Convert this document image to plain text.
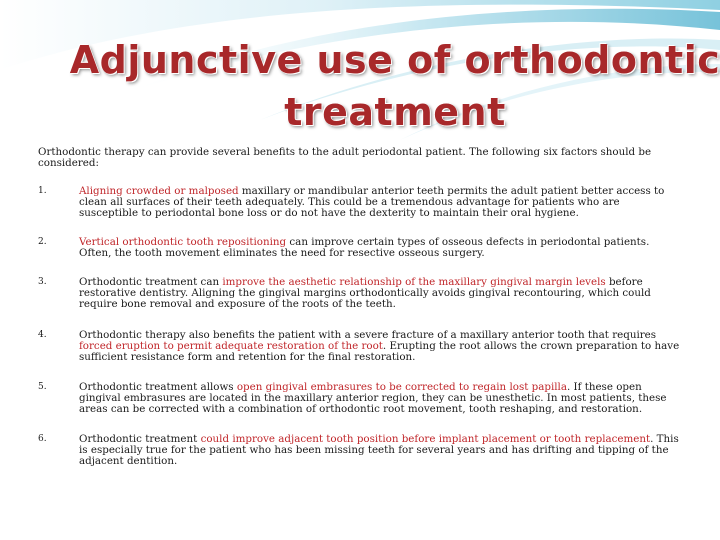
Adjunctive use of orthodontic
treatment
Orthodontic therapy can provide several benefits to the adult periodontal patient. The following six factors should be considered:
1.	Aligning crowded or malposed maxillary or mandibular anterior teeth permits the adult patient better access to clean all surfaces of their teeth adequately. This could be a tremendous advantage for patients who are susceptible to periodontal bone loss or do not have the dexterity to maintain their oral hygiene.
2.	Vertical orthodontic tooth repositioning can improve certain types of osseous defects in periodontal patients. Often, the tooth movement eliminates the need for resective osseous surgery.
3.	Orthodontic treatment can improve the aesthetic relationship of the maxillary gingival margin levels before restorative dentistry. Aligning the gingival margins orthodontically avoids gingival recontouring, which could require bone removal and exposure of the roots of the teeth.
4.	Orthodontic therapy also benefits the patient with a severe fracture of a maxillary anterior tooth that requires forced eruption to permit adequate restoration of the root. Erupting the root allows the crown preparation to have sufficient resistance form and retention for the final restoration.
5.	Orthodontic treatment allows open gingival embrasures to be corrected to regain lost papilla. If these open gingival embrasures are located in the maxillary anterior region, they can be unesthetic. In most patients, these areas can be corrected with a combination of orthodontic root movement, tooth reshaping, and restoration.
6.	Orthodontic treatment could improve adjacent tooth position before implant placement or tooth replacement. This is especially true for the patient who has been missing teeth for several years and has drifting and tipping of the adjacent dentition.
